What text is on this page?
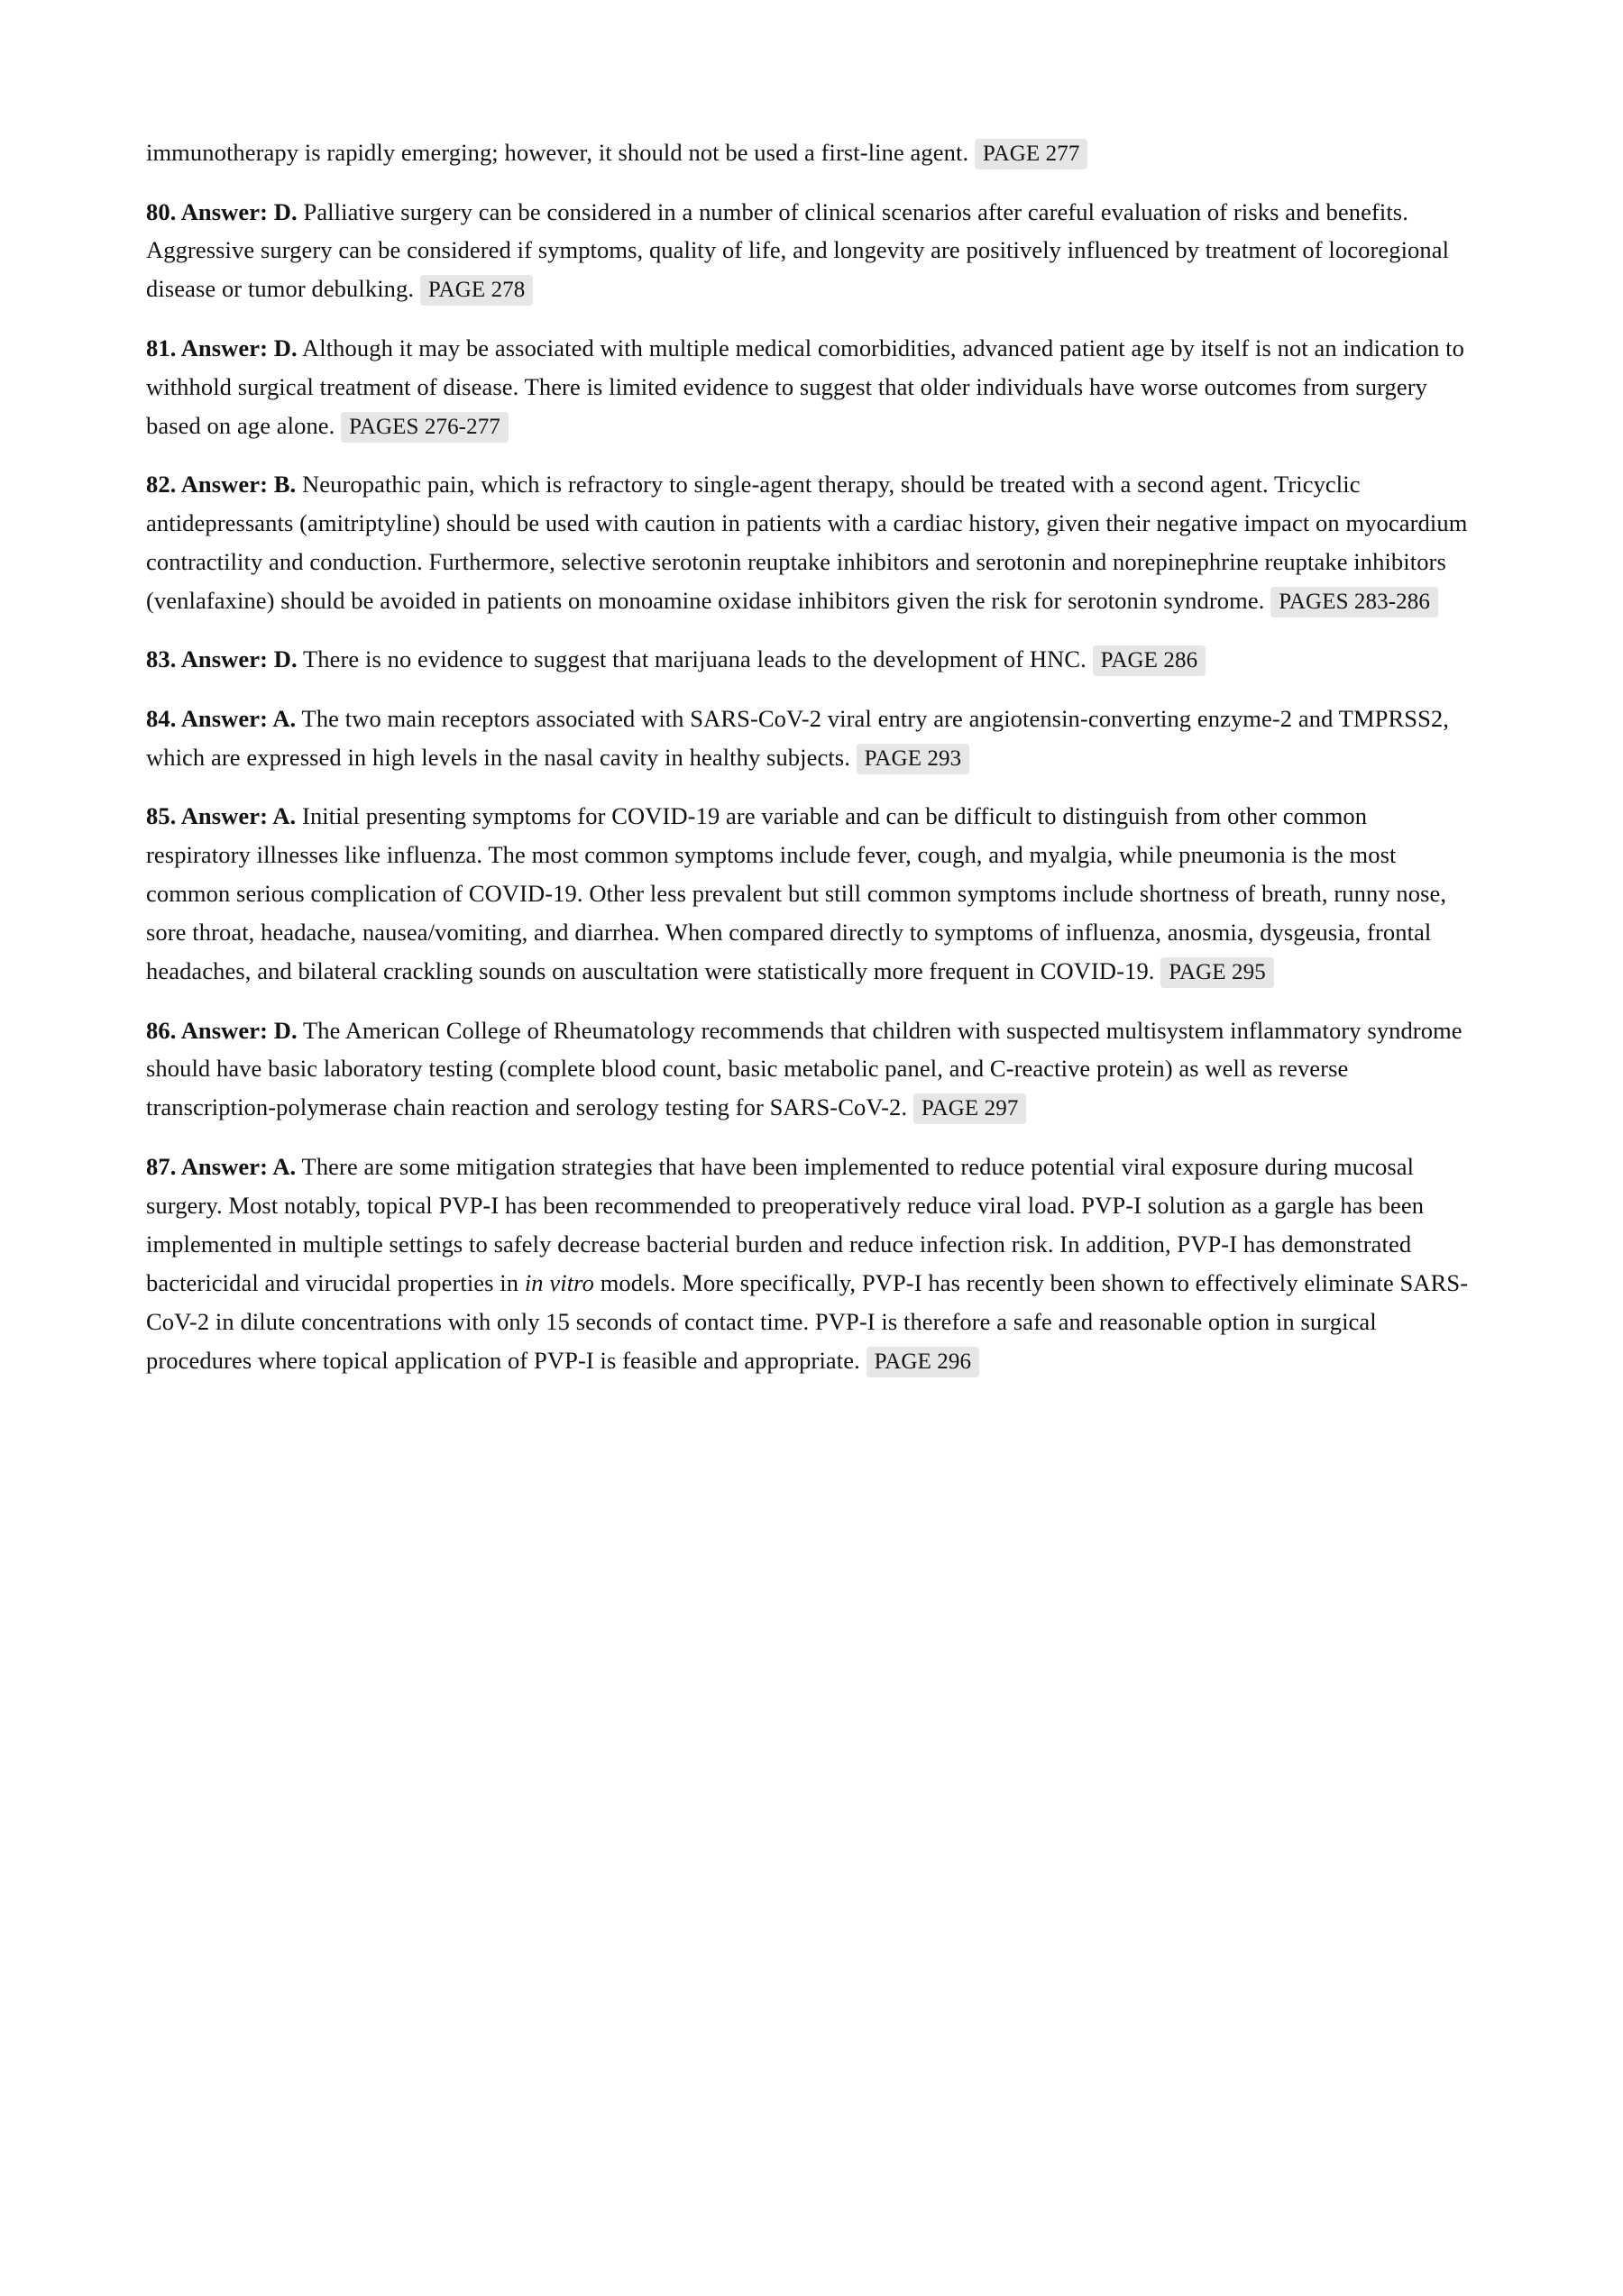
immunotherapy is rapidly emerging; however, it should not be used a first-line agent. PAGE 277

80. Answer: D. Palliative surgery can be considered in a number of clinical scenarios after careful evaluation of risks and benefits. Aggressive surgery can be considered if symptoms, quality of life, and longevity are positively influenced by treatment of locoregional disease or tumor debulking. PAGE 278

81. Answer: D. Although it may be associated with multiple medical comorbidities, advanced patient age by itself is not an indication to withhold surgical treatment of disease. There is limited evidence to suggest that older individuals have worse outcomes from surgery based on age alone. PAGES 276-277

82. Answer: B. Neuropathic pain, which is refractory to single-agent therapy, should be treated with a second agent. Tricyclic antidepressants (amitriptyline) should be used with caution in patients with a cardiac history, given their negative impact on myocardium contractility and conduction. Furthermore, selective serotonin reuptake inhibitors and serotonin and norepinephrine reuptake inhibitors (venlafaxine) should be avoided in patients on monoamine oxidase inhibitors given the risk for serotonin syndrome. PAGES 283-286

83. Answer: D. There is no evidence to suggest that marijuana leads to the development of HNC. PAGE 286

84. Answer: A. The two main receptors associated with SARS-CoV-2 viral entry are angiotensin-converting enzyme-2 and TMPRSS2, which are expressed in high levels in the nasal cavity in healthy subjects. PAGE 293

85. Answer: A. Initial presenting symptoms for COVID-19 are variable and can be difficult to distinguish from other common respiratory illnesses like influenza. The most common symptoms include fever, cough, and myalgia, while pneumonia is the most common serious complication of COVID-19. Other less prevalent but still common symptoms include shortness of breath, runny nose, sore throat, headache, nausea/vomiting, and diarrhea. When compared directly to symptoms of influenza, anosmia, dysgeusia, frontal headaches, and bilateral crackling sounds on auscultation were statistically more frequent in COVID-19. PAGE 295

86. Answer: D. The American College of Rheumatology recommends that children with suspected multisystem inflammatory syndrome should have basic laboratory testing (complete blood count, basic metabolic panel, and C-reactive protein) as well as reverse transcription-polymerase chain reaction and serology testing for SARS-CoV-2. PAGE 297

87. Answer: A. There are some mitigation strategies that have been implemented to reduce potential viral exposure during mucosal surgery. Most notably, topical PVP-I has been recommended to preoperatively reduce viral load. PVP-I solution as a gargle has been implemented in multiple settings to safely decrease bacterial burden and reduce infection risk. In addition, PVP-I has demonstrated bactericidal and virucidal properties in in vitro models. More specifically, PVP-I has recently been shown to effectively eliminate SARS-CoV-2 in dilute concentrations with only 15 seconds of contact time. PVP-I is therefore a safe and reasonable option in surgical procedures where topical application of PVP-I is feasible and appropriate. PAGE 296
